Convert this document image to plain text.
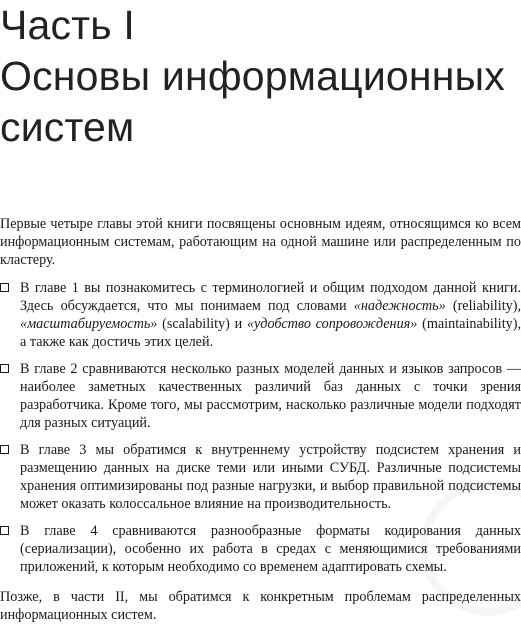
Часть I
Основы информационных
систем

Первые четыре главы этой книги посвящены основным идеям, относящимся ко всем информационным системам, работающим на одной машине или распределенным по кластеру.

В главе 1 вы познакомитесь с терминологией и общим подходом данной книги. Здесь обсуждается, что мы понимаем под словами «надежность» (reliability), «масштабируемость» (scalability) и «удобство сопровождения» (maintainability), а также как достичь этих целей.
В главе 2 сравниваются несколько разных моделей данных и языков запросов — наиболее заметных качественных различий баз данных с точки зрения разработчика. Кроме того, мы рассмотрим, насколько различные модели подходят для разных ситуаций.
В главе 3 мы обратимся к внутреннему устройству подсистем хранения и размещению данных на диске теми или иными СУБД. Различные подсистемы хранения оптимизированы под разные нагрузки, и выбор правильной подсистемы может оказать колоссальное влияние на производительность.
В главе 4 сравниваются разнообразные форматы кодирования данных (сериализации), особенно их работа в средах с меняющимися требованиями приложений, к которым необходимо со временем адаптировать схемы.

Позже, в части II, мы обратимся к конкретным проблемам распределенных информационных систем.
